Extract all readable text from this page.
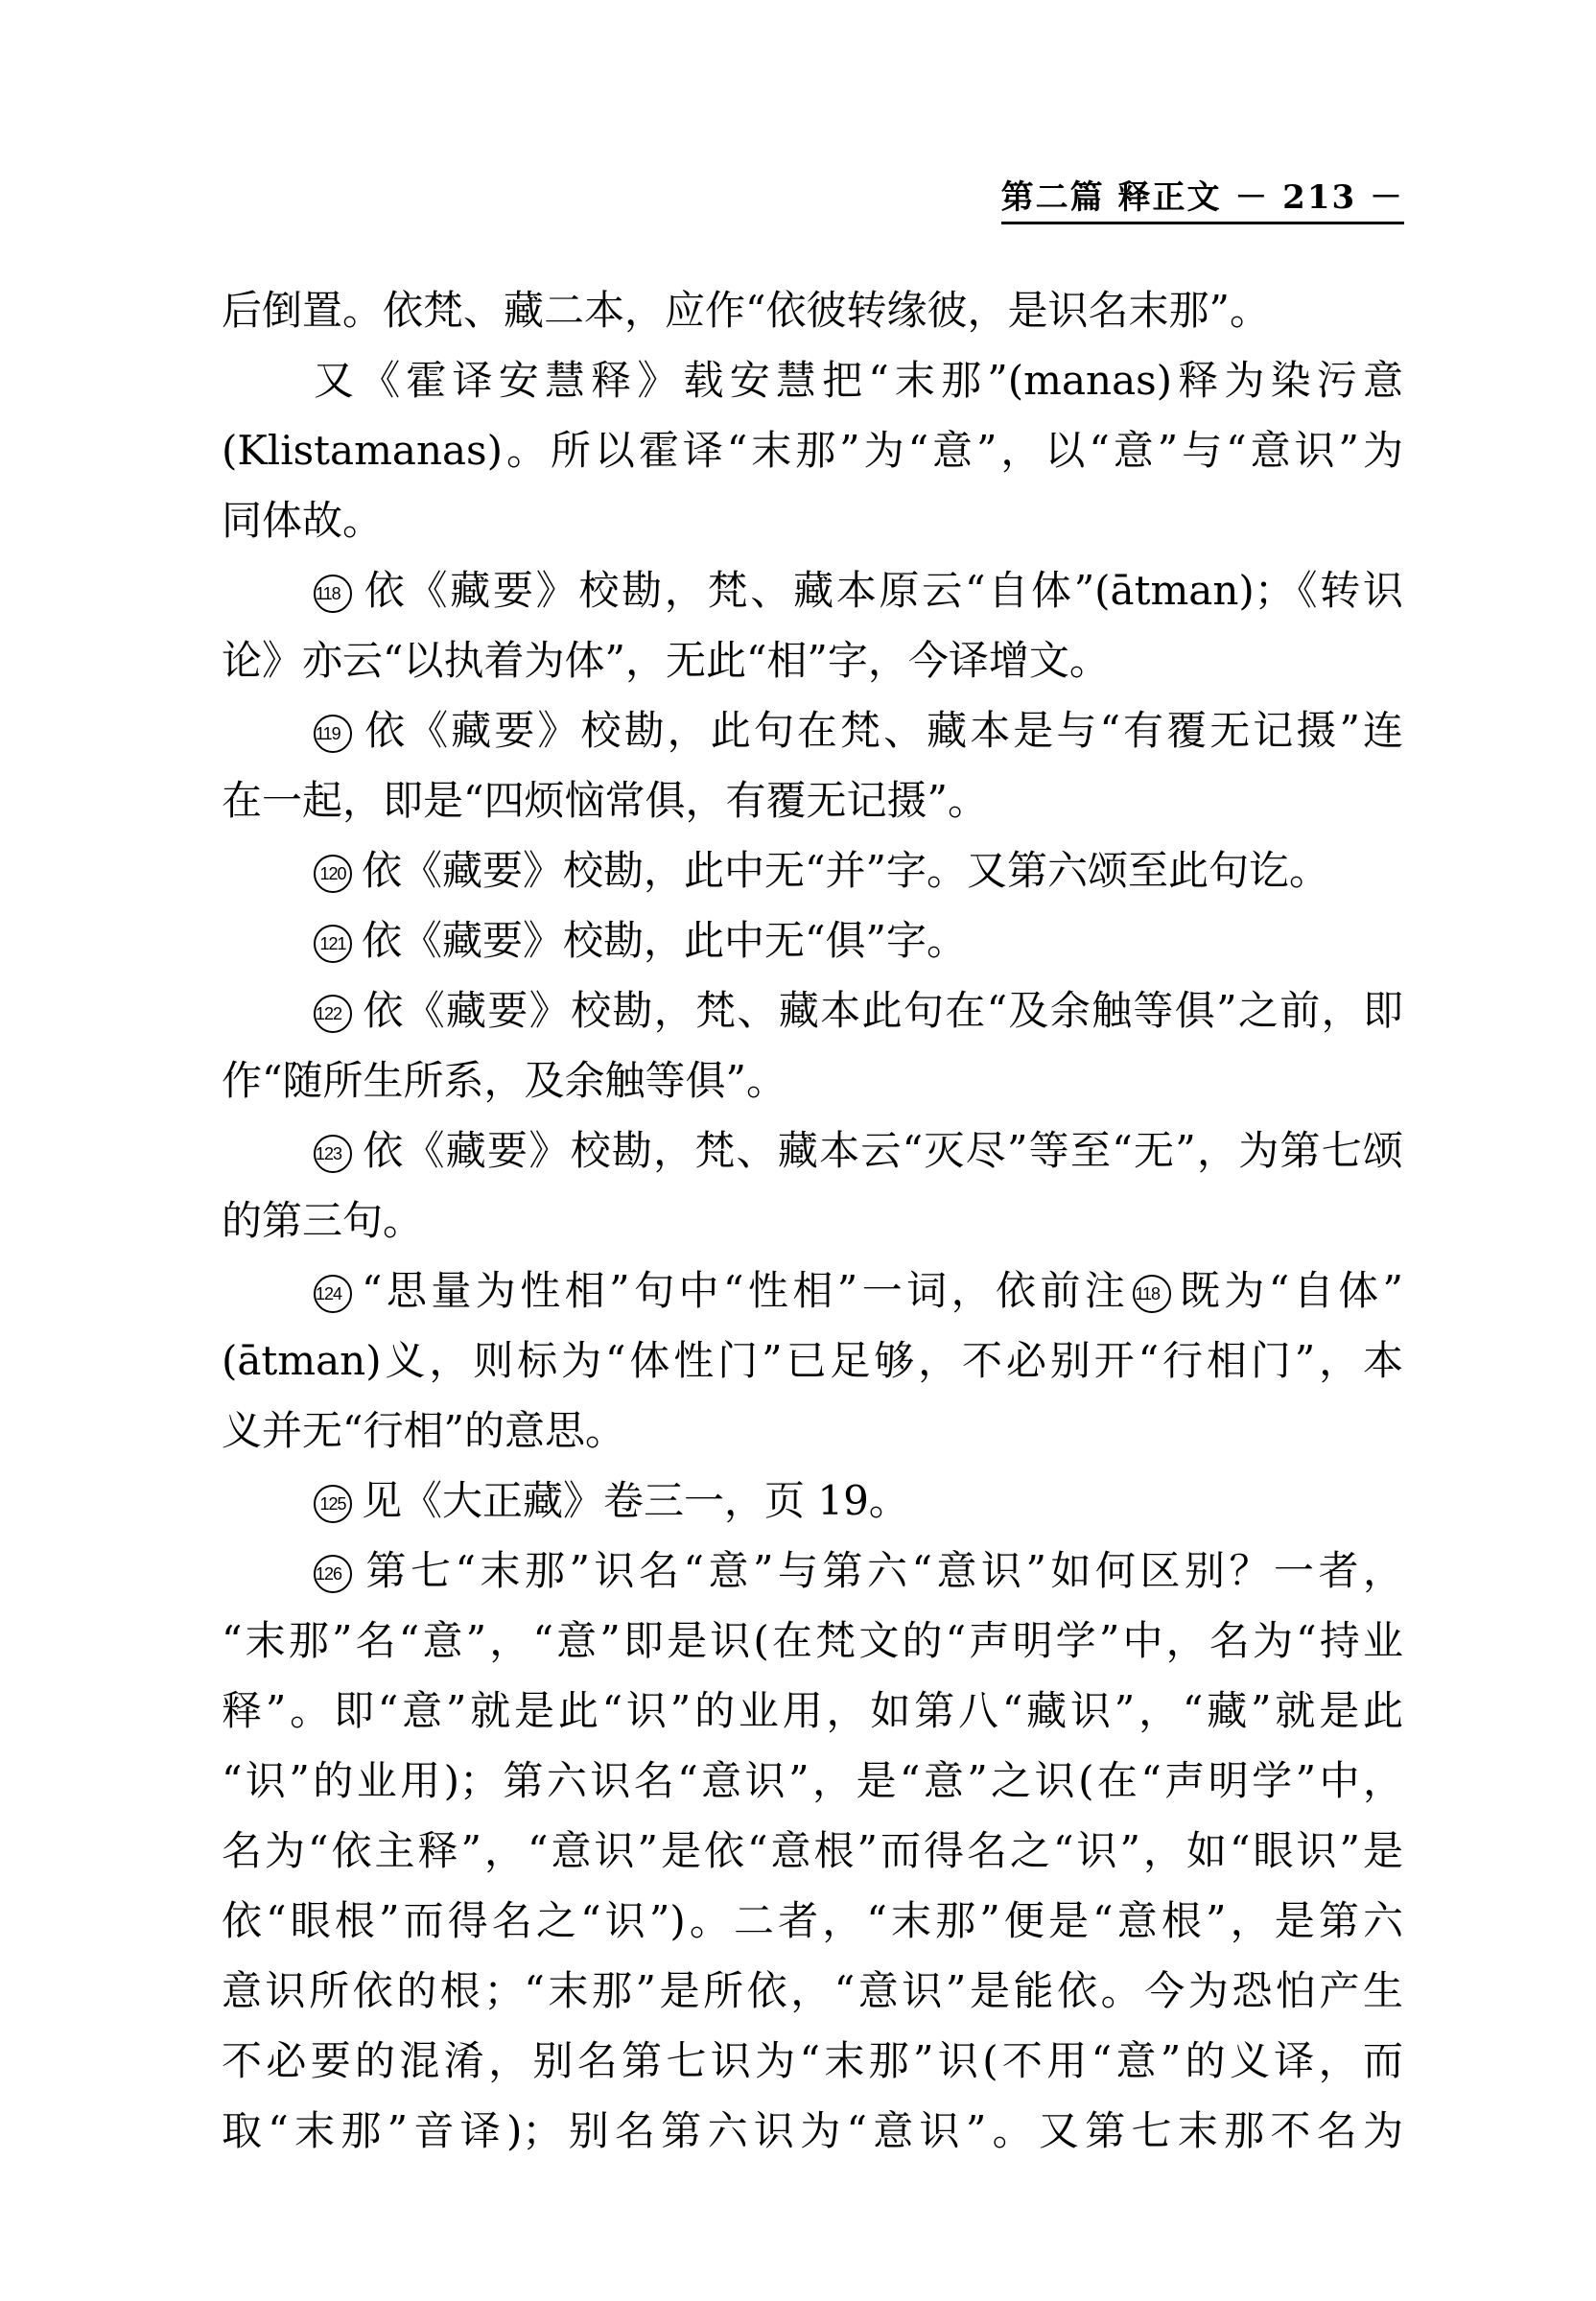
第二篇 释正文 － 213 －
后倒置。依梵、藏二本，应作“依彼转缘彼，是识名末那”。
又《霍译安慧释》载安慧把“末那”(manas)释为染污意
(Klistamanas)。所以霍译“末那”为“意”，以“意”与“意识”为
同体故。
118 依《藏要》校勘，梵、藏本原云“自体”(ātman)；《转识
论》亦云“以执着为体”，无此“相”字，今译增文。
119 依《藏要》校勘，此句在梵、藏本是与“有覆无记摄”连
在一起，即是“四烦恼常俱，有覆无记摄”。
120 依《藏要》校勘，此中无“并”字。又第六颂至此句讫。
121 依《藏要》校勘，此中无“俱”字。
122 依《藏要》校勘，梵、藏本此句在“及余触等俱”之前，即
作“随所生所系，及余触等俱”。
123 依《藏要》校勘，梵、藏本云“灭尽”等至“无”，为第七颂
的第三句。
124 “思量为性相”句中“性相”一词，依前注 118 既为“自体”
(ātman)义，则标为“体性门”已足够，不必别开“行相门”，本
义并无“行相”的意思。
125 见《大正藏》卷三一，页 19。
126 第七“末那”识名“意”与第六“意识”如何区别？一者，
“末那”名“意”，“意”即是识(在梵文的“声明学”中，名为“持业
释”。即“意”就是此“识”的业用，如第八“藏识”，“藏”就是此
“识”的业用)；第六识名“意识”，是“意”之识(在“声明学”中，
名为“依主释”，“意识”是依“意根”而得名之“识”，如“眼识”是
依“眼根”而得名之“识”)。二者，“末那”便是“意根”，是第六
意识所依的根；“末那”是所依，“意识”是能依。今为恐怕产生
不必要的混淆，别名第七识为“末那”识(不用“意”的义译，而
取“末那”音译)；别名第六识为“意识”。又第七末那不名为
